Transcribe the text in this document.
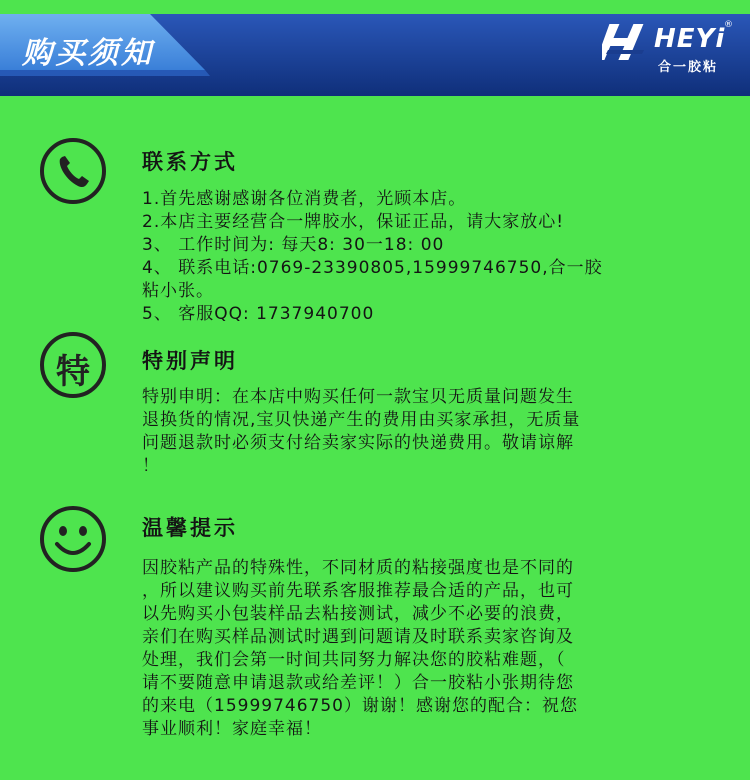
购买须知	HEYi
®
合一胶粘
联系方式
1.首先感谢感谢各位消费者，光顾本店。
2.本店主要经营合一牌胶水，保证正品，请大家放心!
3、 工作时间为: 每天8: 30一18: 00
4、 联系电话:0769-23390805,15999746750,合一胶
粘小张。
5、 客服QQ: 1737940700
特	特别声明
特别申明：在本店中购买任何一款宝贝无质量问题发生
退换货的情况,宝贝快递产生的费用由买家承担，无质量
问题退款时必须支付给卖家实际的快递费用。敬请谅解
！
温馨提示
因胶粘产品的特殊性，不同材质的粘接强度也是不同的
，所以建议购买前先联系客服推荐最合适的产品，也可
以先购买小包装样品去粘接测试，减少不必要的浪费，
亲们在购买样品测试时遇到问题请及时联系卖家咨询及
处理，我们会第一时间共同努力解决您的胶粘难题，（
请不要随意申请退款或给差评！）合一胶粘小张期待您
的来电（15999746750）谢谢！感谢您的配合：祝您
事业顺利！家庭幸福！
